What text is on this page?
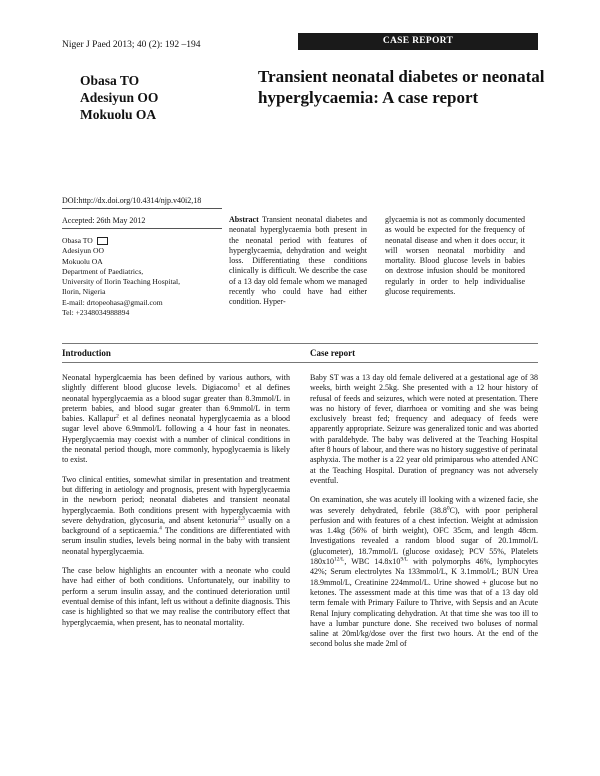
Niger J Paed 2013; 40 (2): 192 –194	CASE REPORT
Obasa TO
Adesiyun OO
Mokuolu OA
Transient neonatal diabetes or neonatal hyperglycaemia: A case report
DOI:http://dx.doi.org/10.4314/njp.v40i2,18
Accepted: 26th May 2012
Obasa TO
Adesiyun OO
Mokuolu OA
Department of Paediatrics,
University of Ilorin Teaching Hospital,
Ilorin, Nigeria
E-mail: drtopeohasa@gmail.com
Tel: +2348034988894
Abstract Transient neonatal diabetes and neonatal hyperglycaemia both present in the neonatal period with features of hyperglycaemia, dehydration and weight loss. Differentiating these conditions clinically is difficult. We describe the case of a 13 day old female whom we managed recently who could have had either condition. Hyper-
glycaemia is not as commonly documented as would be expected for the frequency of neonatal disease and when it does occur, it will worsen neonatal morbidity and mortality. Blood glucose levels in babies on dextrose infusion should be monitored regularly in order to help individualise glucose requirements.
Introduction	Case report

Neonatal hyperglcaemia has been defined by various authors, with slightly different blood glucose levels. Digiacomo$^1$ et al defines neonatal hyperglycaemia as a blood sugar greater than 8.3mmol/L in preterm babies, and blood sugar greater than 6.9mmol/L in term babies. Kallapur$^2$ et al defines neonatal hyperglycaemia as a blood sugar level above 6.9mmol/L following a 4 hour fast in neonates. Hyperglycaemia may coexist with a number of clinical conditions in the neonatal period though, more commonly, hypoglycaemia is likely to exist.

Two clinical entities, somewhat similar in presentation and treatment but differing in aetiology and prognosis, present with hyperglycaemia in the newborn period; neonatal diabetes and transient neonatal hyperglycaemia. Both conditions present with hyperglycaemia with severe dehydration, glycosuria, and absent ketonuria$^{2,3}$ usually on a background of a septicaemia.$^4$ The conditions are differentiated with serum insulin studies, levels being normal in the baby with transient neonatal hyperglycaemia.

The case below highlights an encounter with a neonate who could have had either of both conditions. Unfortunately, our inability to perform a serum insulin assay, and the continued deterioration until eventual demise of this infant, left us without a definite diagnosis. This case is highlighted so that we may realise the contributory effect that hyperglycaemia, when present, has to neonatal mortality.

Baby ST was a 13 day old female delivered at a gestational age of 38 weeks, birth weight 2.5kg. She presented with a 12 hour history of refusal of feeds and seizures, which were noted at presentation. There was no history of fever, diarrhoea or vomiting and she was being exclusively breast fed; frequency and adequacy of feeds were apparently appropriate. Seizure was generalized tonic and was aborted with paraldehyde. The baby was delivered at the Teaching Hospital after 8 hours of labour, and there was no history suggestive of perinatal asphyxia. The mother is a 22 year old primiparous who attended ANC at the Teaching Hospital. Duration of pregnancy was not adversely eventful.

On examination, she was acutely ill looking with a wizened facie, she was severely dehydrated, febrile (38.8$^0$C), with poor peripheral perfusion and with features of a chest infection. Weight at admission was 1.4kg (56% of birth weight), OFC 35cm, and length 48cm. Investigations revealed a random blood sugar of 20.1mmol/L (glucometer), 18.7mmol/L (glucose oxidase); PCV 55%, Platelets $180x10^{12/L}$, WBC $14.8x10^{9/L}$ with polymorphs 46%, lymphocytes 42%; Serum electrolytes Na 133mmol/L, K 3.1mmol/L; BUN Urea 18.9mmol/L, Creatinine 224mmol/L. Urine showed + glucose but no ketones. The assessment made at this time was that of a 13 day old term female with Primary Failure to Thrive, with Sepsis and an Acute Renal Injury complicating dehydration. At that time she was too ill to have a lumbar puncture done. She received two boluses of normal saline at 20ml/kg/dose over the first two hours. At the end of the second bolus she made 2ml of
